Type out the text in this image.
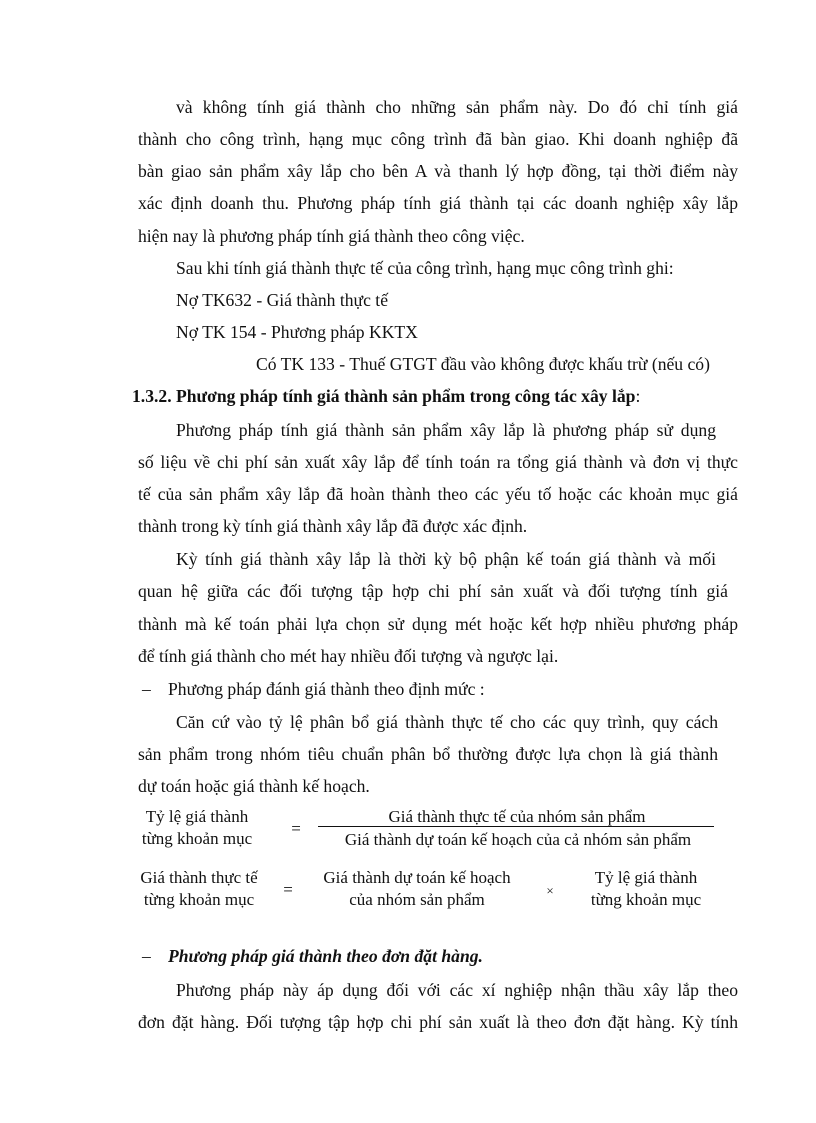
và không tính giá thành cho những sản phẩm này. Do đó chỉ tính giá
thành cho công trình, hạng mục công trình đã bàn giao. Khi doanh nghiệp đã
bàn giao sản phẩm xây lắp cho bên A và thanh lý hợp đồng, tại thời điểm này
xác định doanh thu. Phương pháp tính giá thành tại các doanh nghiệp xây lắp
hiện nay là phương pháp tính giá thành theo công việc.
Sau khi tính giá thành thực tế của công trình, hạng mục công trình ghi:
Nợ TK632 - Giá thành thực tế
Nợ TK 154 - Phương pháp KKTX
Có TK 133 - Thuế GTGT đầu vào không được khấu trừ (nếu có)
1.3.2. Phương pháp tính giá thành sản phẩm trong công tác xây lắp:
Phương pháp tính giá thành sản phẩm xây lắp là phương pháp sử dụng
số liệu về chi phí sản xuất xây lắp để tính toán ra tổng giá thành và đơn vị thực
tế của sản phẩm xây lắp đã hoàn thành theo các yếu tố hoặc các khoản mục giá
thành trong kỳ tính giá thành xây lắp đã được xác định.
Kỳ tính giá thành xây lắp là thời kỳ bộ phận kế toán giá thành và mối
quan hệ giữa các đối tượng tập hợp chi phí sản xuất và đối tượng tính giá
thành mà kế toán phải lựa chọn sử dụng mét hoặc kết hợp nhiều phương pháp
để tính giá thành cho mét hay nhiều đối tượng và ngược lại.
– Phương pháp đánh giá thành theo định mức :
Căn cứ vào tỷ lệ phân bổ giá thành thực tế cho các quy trình, quy cách
sản phẩm trong nhóm tiêu chuẩn phân bổ thường được lựa chọn là giá thành
dự toán hoặc giá thành kế hoạch.
Tỷ lệ giá thành
từng khoản mục
=
Giá thành thực tế của nhóm sản phẩm
Giá thành dự toán kế hoạch của cả nhóm sản phẩm
Giá thành thực tế
từng khoản mục
=
Giá thành dự toán kế hoạch
của nhóm sản phẩm	×
Tỷ lệ giá thành
từng khoản mục
– Phương pháp giá thành theo đơn đặt hàng.
Phương pháp này áp dụng đối với các xí nghiệp nhận thầu xây lắp theo
đơn đặt hàng. Đối tượng tập hợp chi phí sản xuất là theo đơn đặt hàng. Kỳ tính
